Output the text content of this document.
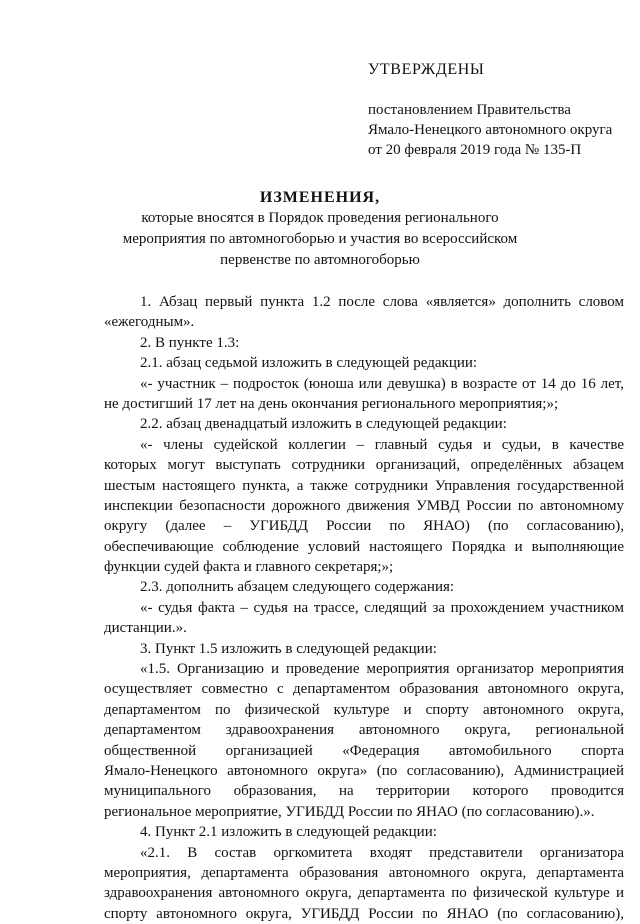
УТВЕРЖДЕНЫ
постановлением Правительства
Ямало-Ненецкого автономного округа
от 20 февраля 2019 года № 135-П
ИЗМЕНЕНИЯ,
которые вносятся в Порядок проведения регионального
мероприятия по автомногоборью и участия во всероссийском
первенстве по автомногоборью
1. Абзац первый пункта 1.2 после слова «является» дополнить словом
«ежегодным».
2. В пункте 1.3:
2.1. абзац седьмой изложить в следующей редакции:
«- участник – подросток (юноша или девушка) в возрасте от 14 до 16 лет,
не достигший 17 лет на день окончания регионального мероприятия;»;
2.2. абзац двенадцатый изложить в следующей редакции:
«- члены судейской коллегии – главный судья и судьи, в качестве
которых могут выступать сотрудники организаций, определённых абзацем
шестым настоящего пункта, а также сотрудники Управления государственной
инспекции безопасности дорожного движения УМВД России по автономному
округу (далее – УГИБДД России по ЯНАО) (по согласованию),
обеспечивающие соблюдение условий настоящего Порядка и выполняющие
функции судей факта и главного секретаря;»;
2.3. дополнить абзацем следующего содержания:
«- судья факта – судья на трассе, следящий за прохождением участником
дистанции.».
3. Пункт 1.5 изложить в следующей редакции:
«1.5. Организацию и проведение мероприятия организатор мероприятия
осуществляет совместно с департаментом образования автономного округа,
департаментом по физической культуре и спорту автономного округа,
департаментом здравоохранения автономного округа, региональной
общественной организацией «Федерация автомобильного спорта
Ямало-Ненецкого автономного округа» (по согласованию), Администрацией
муниципального образования, на территории которого проводится
региональное мероприятие, УГИБДД России по ЯНАО (по согласованию).».
4. Пункт 2.1 изложить в следующей редакции:
«2.1. В состав оргкомитета входят представители организатора
мероприятия, департамента образования автономного округа, департамента
здравоохранения автономного округа, департамента по физической культуре и
спорту автономного округа, УГИБДД России по ЯНАО (по согласованию),
